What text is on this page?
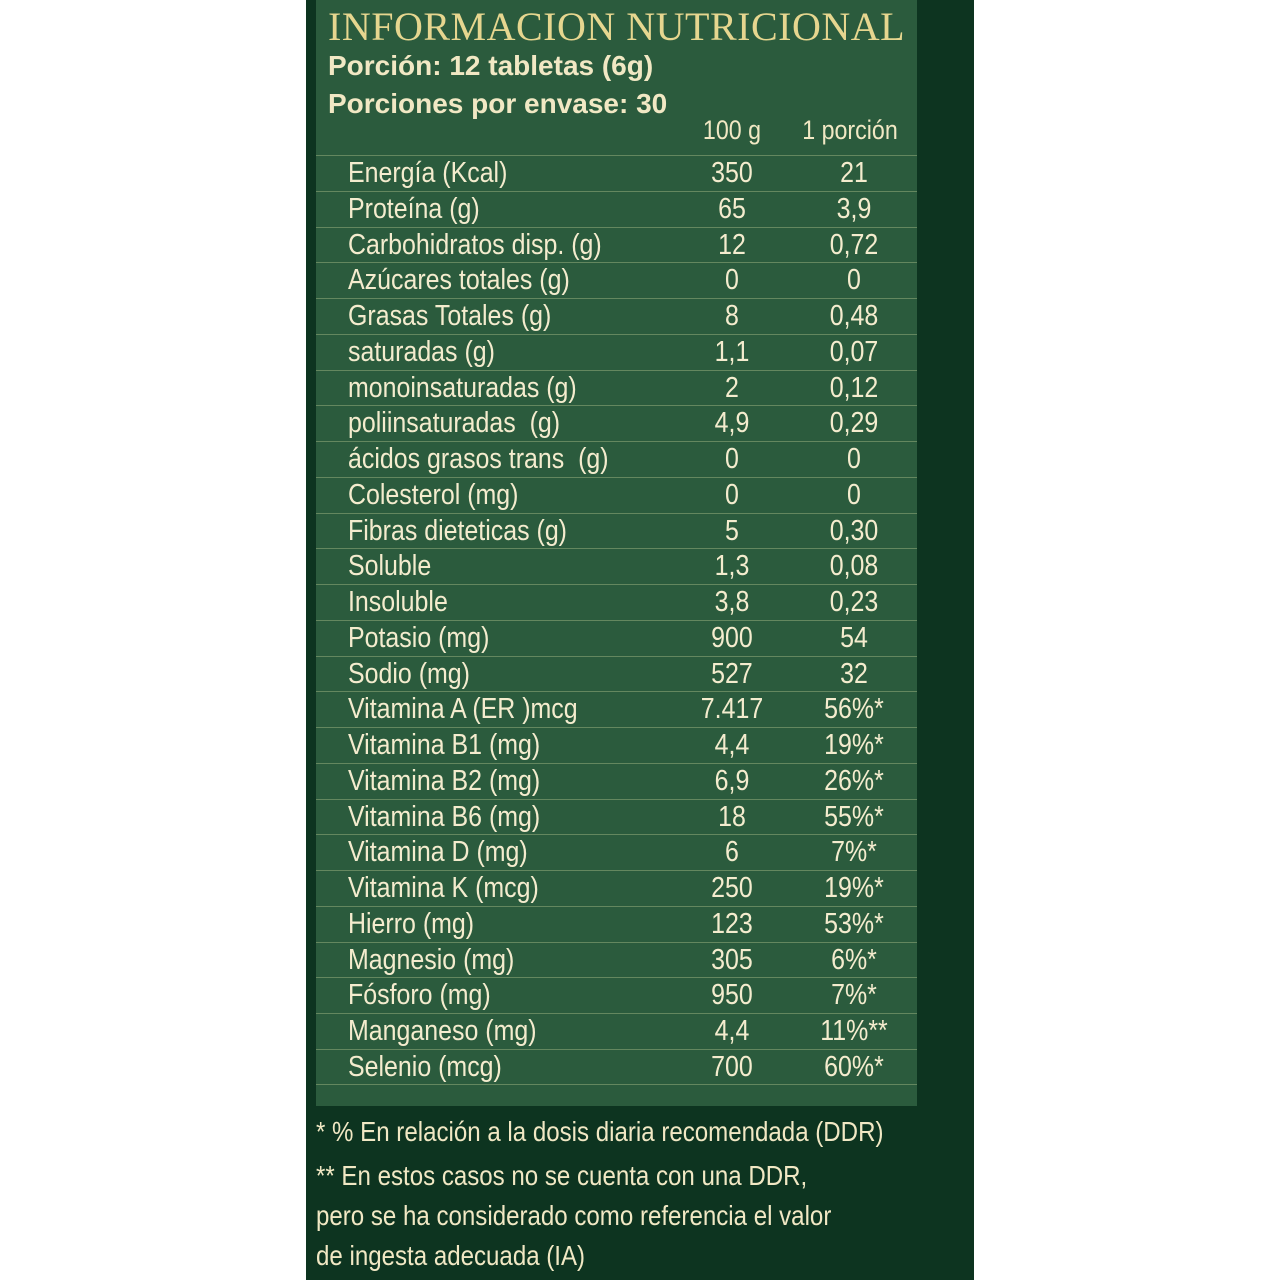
INFORMACION NUTRICIONAL
Porción: 12 tabletas (6g)
Porciones por envase: 30
100 g	1 porción
Energía (Kcal)	350	21
Proteína (g)	65	3,9
Carbohidratos disp. (g)	12	0,72
Azúcares totales (g)	0	0
Grasas Totales (g)	8	0,48
saturadas (g)	1,1	0,07
monoinsaturadas (g)	2	0,12
poliinsaturadas  (g)	4,9	0,29
ácidos grasos trans  (g)	0	0
Colesterol (mg)	0	0
Fibras dieteticas (g)	5	0,30
Soluble	1,3	0,08
Insoluble	3,8	0,23
Potasio (mg)	900	54
Sodio (mg)	527	32
Vitamina A (ER )mcg	7.417	56%*
Vitamina B1 (mg)	4,4	19%*
Vitamina B2 (mg)	6,9	26%*
Vitamina B6 (mg)	18	55%*
Vitamina D (mg)	6	7%*
Vitamina K (mcg)	250	19%*
Hierro (mg)	123	53%*
Magnesio (mg)	305	6%*
Fósforo (mg)	950	7%*
Manganeso (mg)	4,4	11%**
Selenio (mcg)	700	60%*
* % En relación a la dosis diaria recomendada (DDR)
** En estos casos no se cuenta con una DDR,
pero se ha considerado como referencia el valor
de ingesta adecuada (IA)
